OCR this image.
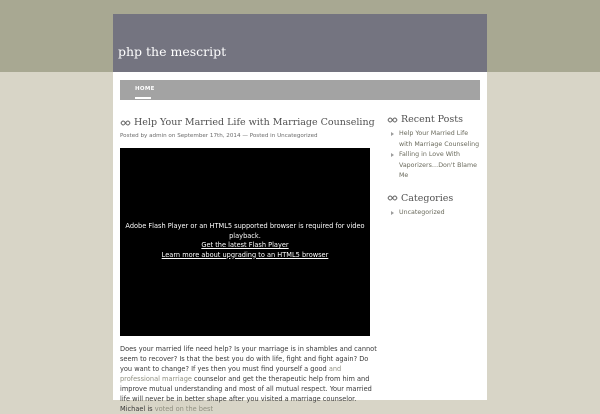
php the mescript
HOME
Help Your Married Life with Marriage Counseling
Posted by admin on September 17th, 2014 — Posted in Uncategorized
Adobe Flash Player or an HTML5 supported browser is required for video
playback.
Get the latest Flash Player
Learn more about upgrading to an HTML5 browser
Does your married life need help? Is your marriage is in shambles and cannot seem to recover? Is that the best you do with life, fight and fight again? Do you want to change? If yes then you must find yourself a good and professional marriage counselor and get the therapeutic help from him and improve mutual understanding and most of all mutual respect. Your married life will never be in better shape after you visited a marriage counselor. Michael is voted on the best
Recent Posts
Help Your Married Life with Marriage Counseling
Falling in Love With Vaporizers…Don't Blame Me
Categories
Uncategorized
